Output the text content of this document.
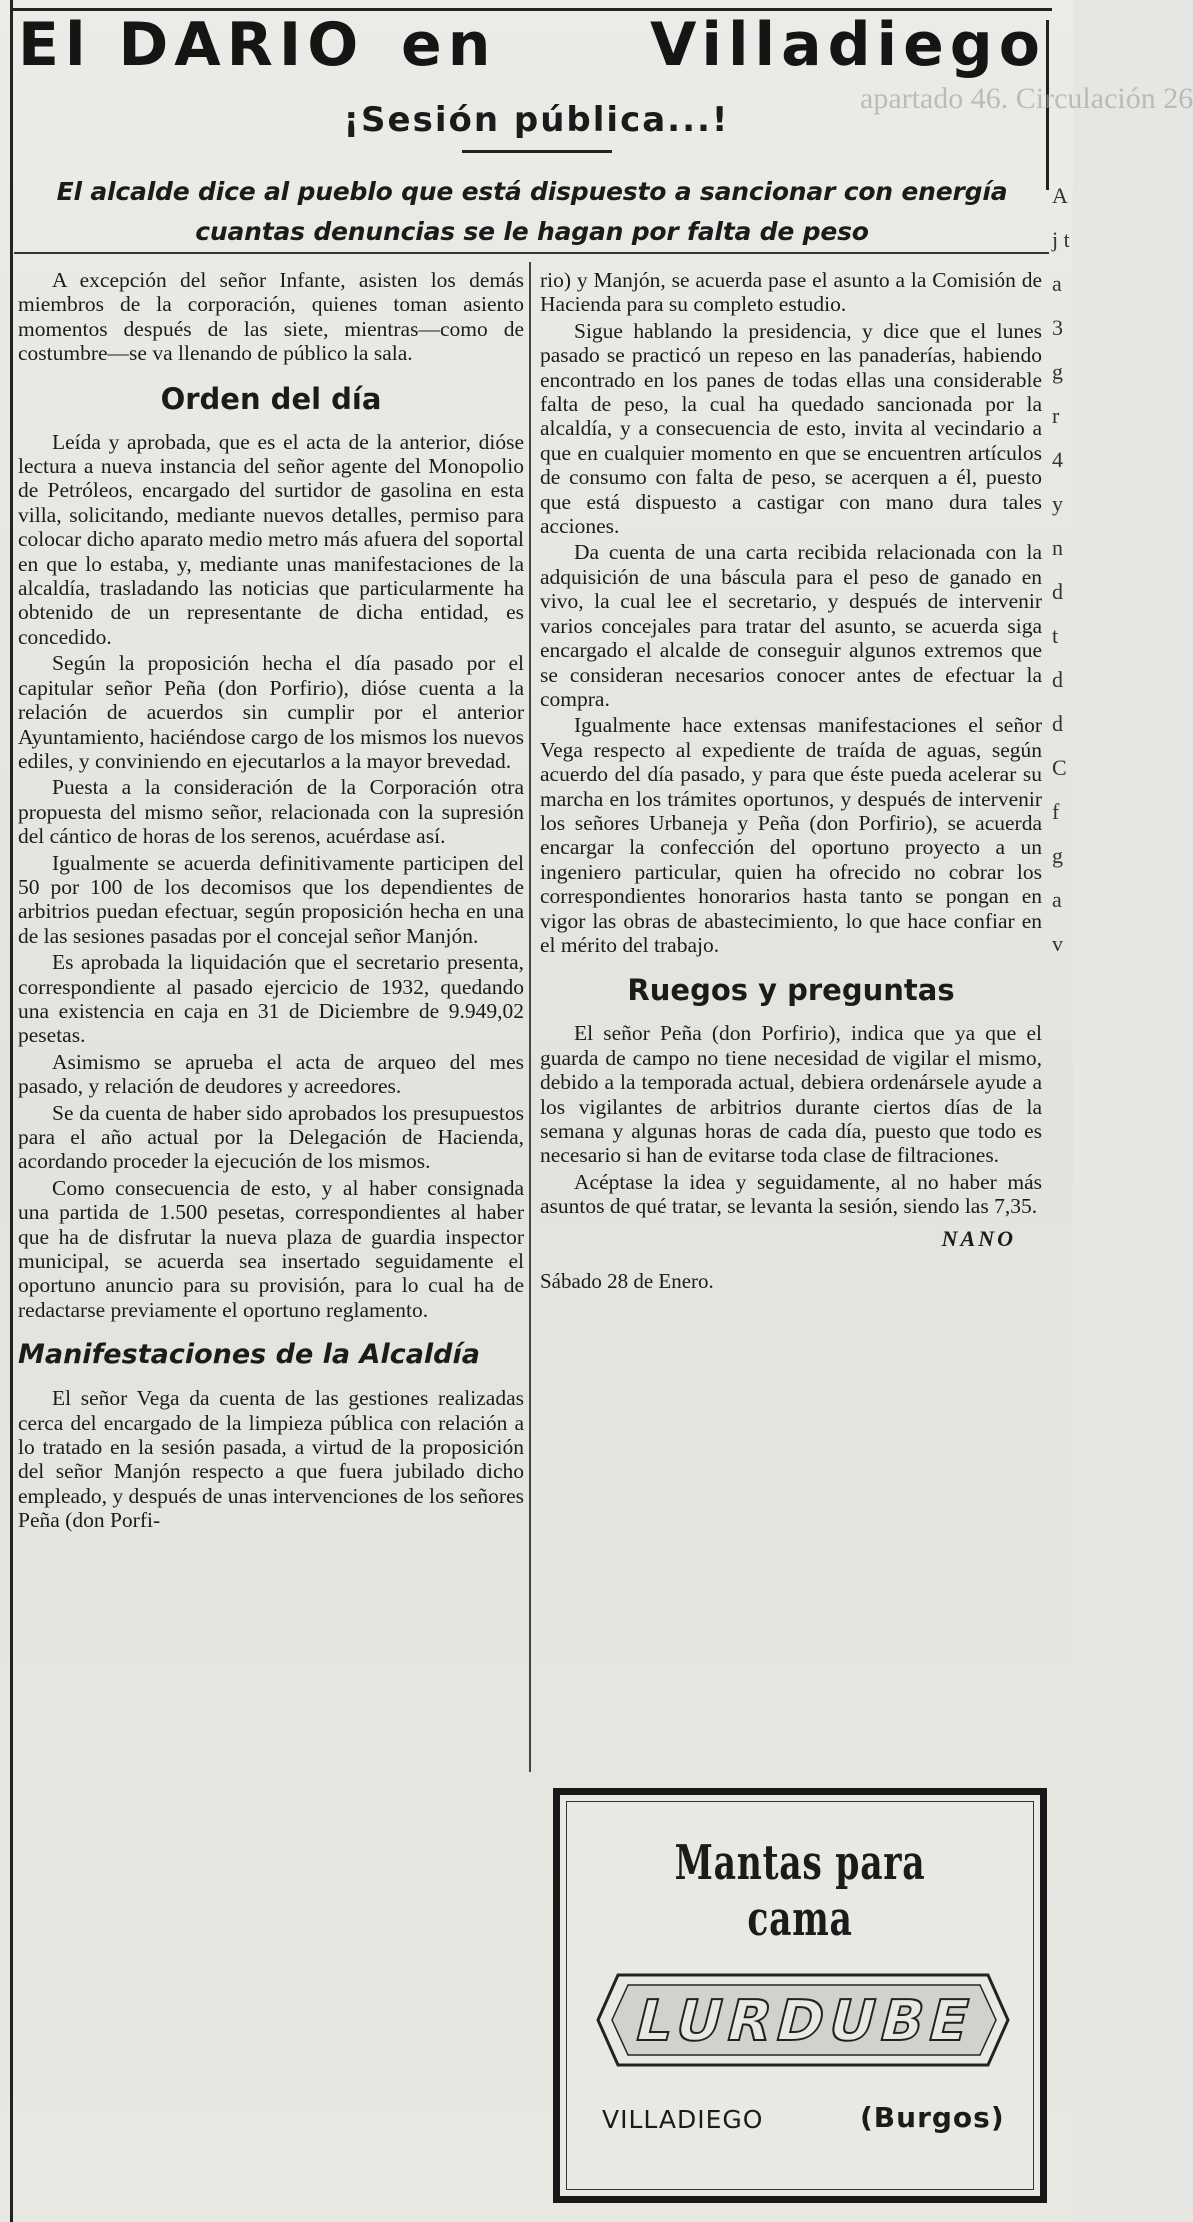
apartado 46. Circulación 26
El DARIO en	Villadiego
¡Sesión pública...!
El alcalde dice al pueblo que está dispuesto a sancionar con energía cuantas denuncias se le hagan por falta de peso

A excepción del señor Infante, asisten los demás miembros de la corporación, quienes toman asiento momentos después de las siete, mientras—como de costumbre—se va llenando de público la sala.

Orden del día

Leída y aprobada, que es el acta de la anterior, dióse lectura a nueva instancia del señor agente del Monopolio de Petróleos, encargado del surtidor de gasolina en esta villa, solicitando, mediante nuevos detalles, permiso para colocar dicho aparato medio metro más afuera del soportal en que lo estaba, y, mediante unas manifestaciones de la alcaldía, trasladando las noticias que particularmente ha obtenido de un representante de dicha entidad, es concedido.

Según la proposición hecha el día pasado por el capitular señor Peña (don Porfirio), dióse cuenta a la relación de acuerdos sin cumplir por el anterior Ayuntamiento, haciéndose cargo de los mismos los nuevos ediles, y conviniendo en ejecutarlos a la mayor brevedad.

Puesta a la consideración de la Corporación otra propuesta del mismo señor, relacionada con la supresión del cántico de horas de los serenos, acuérdase así.

Igualmente se acuerda definitivamente participen del 50 por 100 de los decomisos que los dependientes de arbitrios puedan efectuar, según proposición hecha en una de las sesiones pasadas por el concejal señor Manjón.

Es aprobada la liquidación que el secretario presenta, correspondiente al pasado ejercicio de 1932, quedando una existencia en caja en 31 de Diciembre de 9.949,02 pesetas.

Asimismo se aprueba el acta de arqueo del mes pasado, y relación de deudores y acreedores.

Se da cuenta de haber sido aprobados los presupuestos para el año actual por la Delegación de Hacienda, acordando proceder la ejecución de los mismos.

Como consecuencia de esto, y al haber consignada una partida de 1.500 pesetas, correspondientes al haber que ha de disfrutar la nueva plaza de guardia inspector municipal, se acuerda sea insertado seguidamente el oportuno anuncio para su provisión, para lo cual ha de redactarse previamente el oportuno reglamento.

Manifestaciones de la Alcaldía

El señor Vega da cuenta de las gestiones realizadas cerca del encargado de la limpieza pública con relación a lo tratado en la sesión pasada, a virtud de la proposición del señor Manjón respecto a que fuera jubilado dicho empleado, y después de unas intervenciones de los señores Peña (don Porfi-

rio) y Manjón, se acuerda pase el asunto a la Comisión de Hacienda para su completo estudio.

Sigue hablando la presidencia, y dice que el lunes pasado se practicó un repeso en las panaderías, habiendo encontrado en los panes de todas ellas una considerable falta de peso, la cual ha quedado sancionada por la alcaldía, y a consecuencia de esto, invita al vecindario a que en cualquier momento en que se encuentren artículos de consumo con falta de peso, se acerquen a él, puesto que está dispuesto a castigar con mano dura tales acciones.

Da cuenta de una carta recibida relacionada con la adquisición de una báscula para el peso de ganado en vivo, la cual lee el secretario, y después de intervenir varios concejales para tratar del asunto, se acuerda siga encargado el alcalde de conseguir algunos extremos que se consideran necesarios conocer antes de efectuar la compra.

Igualmente hace extensas manifestaciones el señor Vega respecto al expediente de traída de aguas, según acuerdo del día pasado, y para que éste pueda acelerar su marcha en los trámites oportunos, y después de intervenir los señores Urbaneja y Peña (don Porfirio), se acuerda encargar la confección del oportuno proyecto a un ingeniero particular, quien ha ofrecido no cobrar los correspondientes honorarios hasta tanto se pongan en vigor las obras de abastecimiento, lo que hace confiar en el mérito del trabajo.

Ruegos y preguntas

El señor Peña (don Porfirio), indica que ya que el guarda de campo no tiene necesidad de vigilar el mismo, debido a la temporada actual, debiera ordenársele ayude a los vigilantes de arbitrios durante ciertos días de la semana y algunas horas de cada día, puesto que todo es necesario si han de evitarse toda clase de filtraciones.

Acéptase la idea y seguidamente, al no haber más asuntos de qué tratar, se levanta la sesión, siendo las 7,35.

NANO
Sábado 28 de Enero.
Mantas para cama
LURDUBE
VILLADIEGO	(Burgos)
A j t a 3 g r 4 y n d t d d C f g a v
